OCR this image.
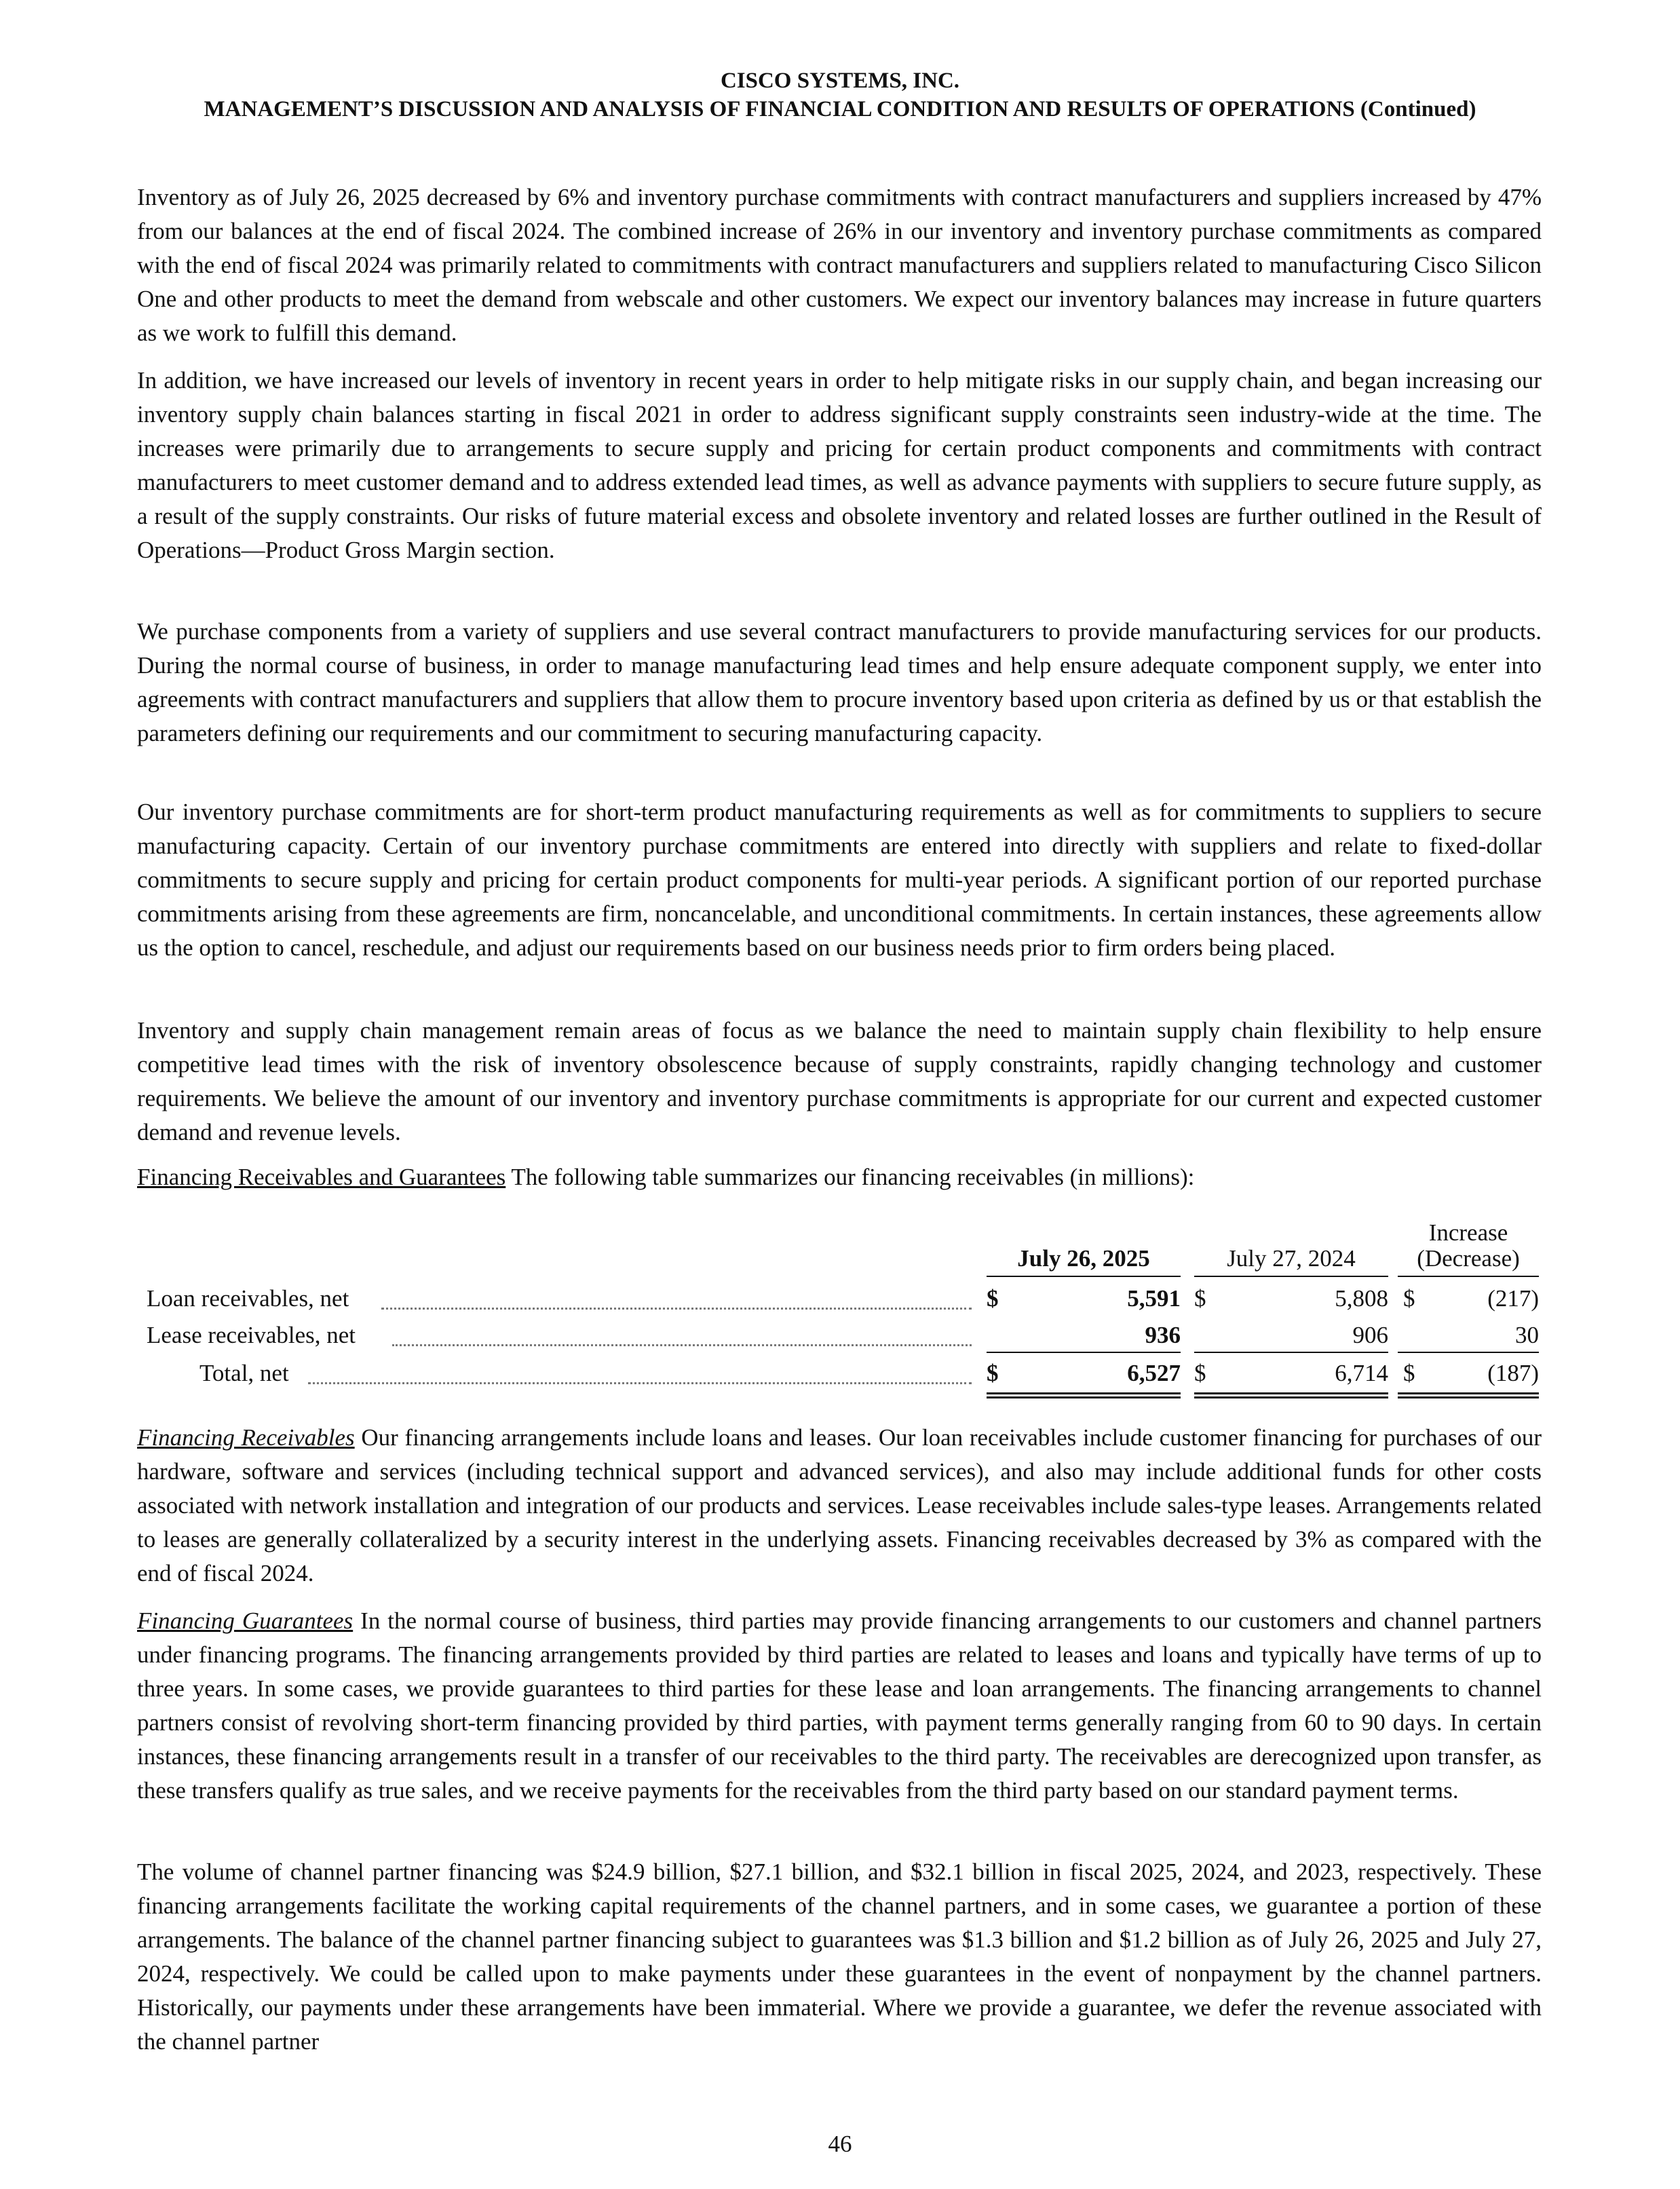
CISCO SYSTEMS, INC.
MANAGEMENT’S DISCUSSION AND ANALYSIS OF FINANCIAL CONDITION AND RESULTS OF OPERATIONS (Continued)

Inventory as of July 26, 2025 decreased by 6% and inventory purchase commitments with contract manufacturers and suppliers increased by 47% from our balances at the end of fiscal 2024. The combined increase of 26% in our inventory and inventory purchase commitments as compared with the end of fiscal 2024 was primarily related to commitments with contract manufacturers and suppliers related to manufacturing Cisco Silicon One and other products to meet the demand from webscale and other customers. We expect our inventory balances may increase in future quarters as we work to fulfill this demand.

In addition, we have increased our levels of inventory in recent years in order to help mitigate risks in our supply chain, and began increasing our inventory supply chain balances starting in fiscal 2021 in order to address significant supply constraints seen industry-wide at the time. The increases were primarily due to arrangements to secure supply and pricing for certain product components and commitments with contract manufacturers to meet customer demand and to address extended lead times, as well as advance payments with suppliers to secure future supply, as a result of the supply constraints. Our risks of future material excess and obsolete inventory and related losses are further outlined in the Result of Operations—Product Gross Margin section.

We purchase components from a variety of suppliers and use several contract manufacturers to provide manufacturing services for our products. During the normal course of business, in order to manage manufacturing lead times and help ensure adequate component supply, we enter into agreements with contract manufacturers and suppliers that allow them to procure inventory based upon criteria as defined by us or that establish the parameters defining our requirements and our commitment to securing manufacturing capacity.

Our inventory purchase commitments are for short-term product manufacturing requirements as well as for commitments to suppliers to secure manufacturing capacity. Certain of our inventory purchase commitments are entered into directly with suppliers and relate to fixed-dollar commitments to secure supply and pricing for certain product components for multi-year periods. A significant portion of our reported purchase commitments arising from these agreements are firm, noncancelable, and unconditional commitments. In certain instances, these agreements allow us the option to cancel, reschedule, and adjust our requirements based on our business needs prior to firm orders being placed.

Inventory and supply chain management remain areas of focus as we balance the need to maintain supply chain flexibility to help ensure competitive lead times with the risk of inventory obsolescence because of supply constraints, rapidly changing technology and customer requirements. We believe the amount of our inventory and inventory purchase commitments is appropriate for our current and expected customer demand and revenue levels.

Financing Receivables and Guarantees The following table summarizes our financing receivables (in millions):

July 26, 2025	July 27, 2024
Increase
(Decrease)
Loan receivables, net	$	5,591 $	5,808 $	(217)
Lease receivables, net	936	906	30
Total, net	$	6,527 $	6,714 $	(187)

Financing Receivables Our financing arrangements include loans and leases. Our loan receivables include customer financing for purchases of our hardware, software and services (including technical support and advanced services), and also may include additional funds for other costs associated with network installation and integration of our products and services. Lease receivables include sales-type leases. Arrangements related to leases are generally collateralized by a security interest in the underlying assets. Financing receivables decreased by 3% as compared with the end of fiscal 2024.

Financing Guarantees In the normal course of business, third parties may provide financing arrangements to our customers and channel partners under financing programs. The financing arrangements provided by third parties are related to leases and loans and typically have terms of up to three years. In some cases, we provide guarantees to third parties for these lease and loan arrangements. The financing arrangements to channel partners consist of revolving short-term financing provided by third parties, with payment terms generally ranging from 60 to 90 days. In certain instances, these financing arrangements result in a transfer of our receivables to the third party. The receivables are derecognized upon transfer, as these transfers qualify as true sales, and we receive payments for the receivables from the third party based on our standard payment terms.

The volume of channel partner financing was $24.9 billion, $27.1 billion, and $32.1 billion in fiscal 2025, 2024, and 2023, respectively. These financing arrangements facilitate the working capital requirements of the channel partners, and in some cases, we guarantee a portion of these arrangements. The balance of the channel partner financing subject to guarantees was $1.3 billion and $1.2 billion as of July 26, 2025 and July 27, 2024, respectively. We could be called upon to make payments under these guarantees in the event of nonpayment by the channel partners. Historically, our payments under these arrangements have been immaterial. Where we provide a guarantee, we defer the revenue associated with the channel partner

46
